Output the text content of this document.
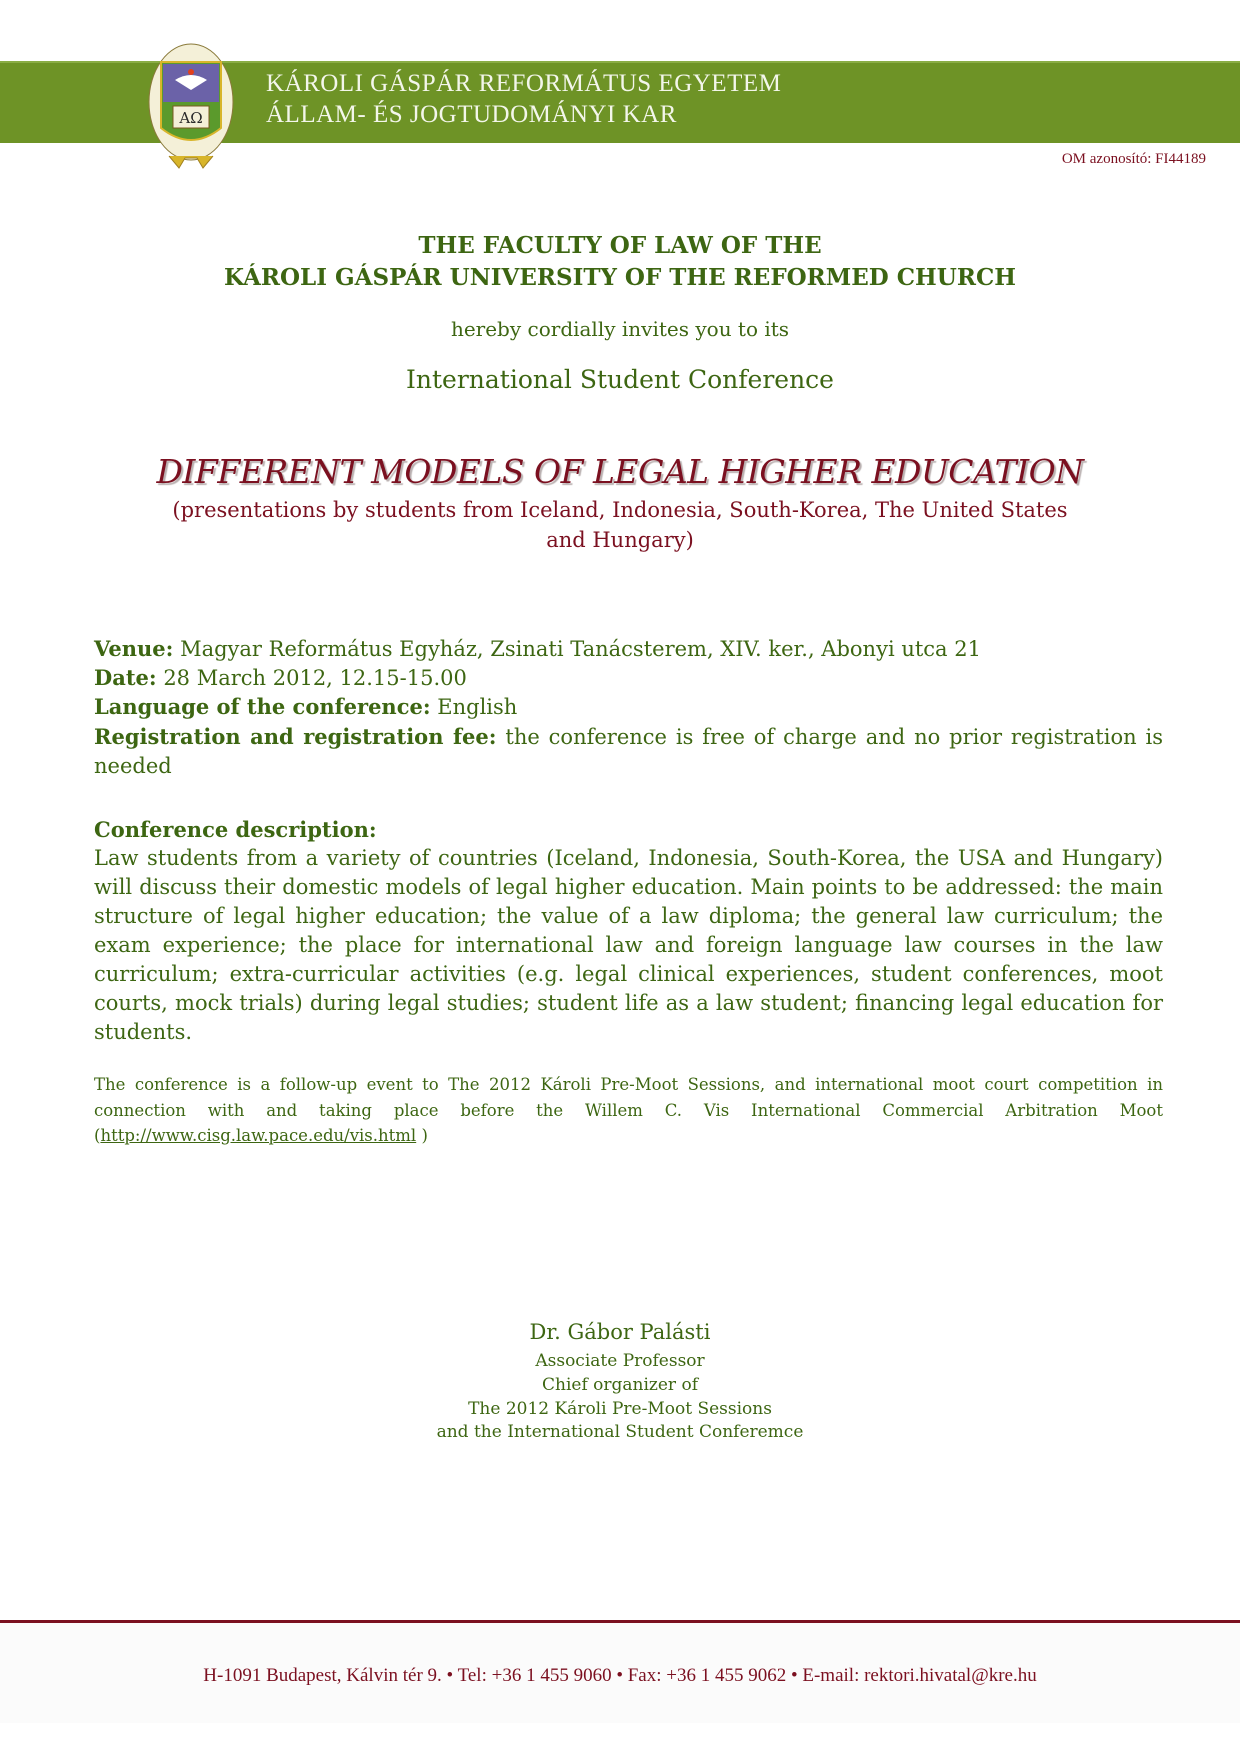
AΩ
KÁROLI GÁSPÁR REFORMÁTUS EGYETEM
ÁLLAM- ÉS JOGTUDOMÁNYI KAR
OM azonosító: FI44189
THE FACULTY OF LAW OF THE
KÁROLI GÁSPÁR UNIVERSITY OF THE REFORMED CHURCH
hereby cordially invites you to its
International Student Conference
DIFFERENT MODELS OF LEGAL HIGHER EDUCATION
(presentations by students from Iceland, Indonesia, South-Korea, The United States
and Hungary)
Venue: Magyar Református Egyház, Zsinati Tanácsterem, XIV. ker., Abonyi utca 21
Date: 28 March 2012, 12.15-15.00
Language of the conference: English
Registration and registration fee: the conference is free of charge and no prior registration is needed
Conference description:
Law students from a variety of countries (Iceland, Indonesia, South-Korea, the USA and Hungary) will discuss their domestic models of legal higher education. Main points to be addressed: the main structure of legal higher education; the value of a law diploma; the general law curriculum; the exam experience; the place for international law and foreign language law courses in the law curriculum; extra-curricular activities (e.g. legal clinical experiences, student conferences, moot courts, mock trials) during legal studies; student life as a law student; financing legal education for students.
The conference is a follow-up event to The 2012 Károli Pre-Moot Sessions, and international moot court competition in connection with and taking place before the Willem C. Vis International Commercial Arbitration Moot (http://www.cisg.law.pace.edu/vis.html )
Dr. Gábor Palásti
Associate Professor
Chief organizer of
The 2012 Károli Pre-Moot Sessions
and the International Student Conferemce
H-1091 Budapest, Kálvin tér 9. • Tel: +36 1 455 9060 • Fax: +36 1 455 9062 • E-mail: rektori.hivatal@kre.hu
